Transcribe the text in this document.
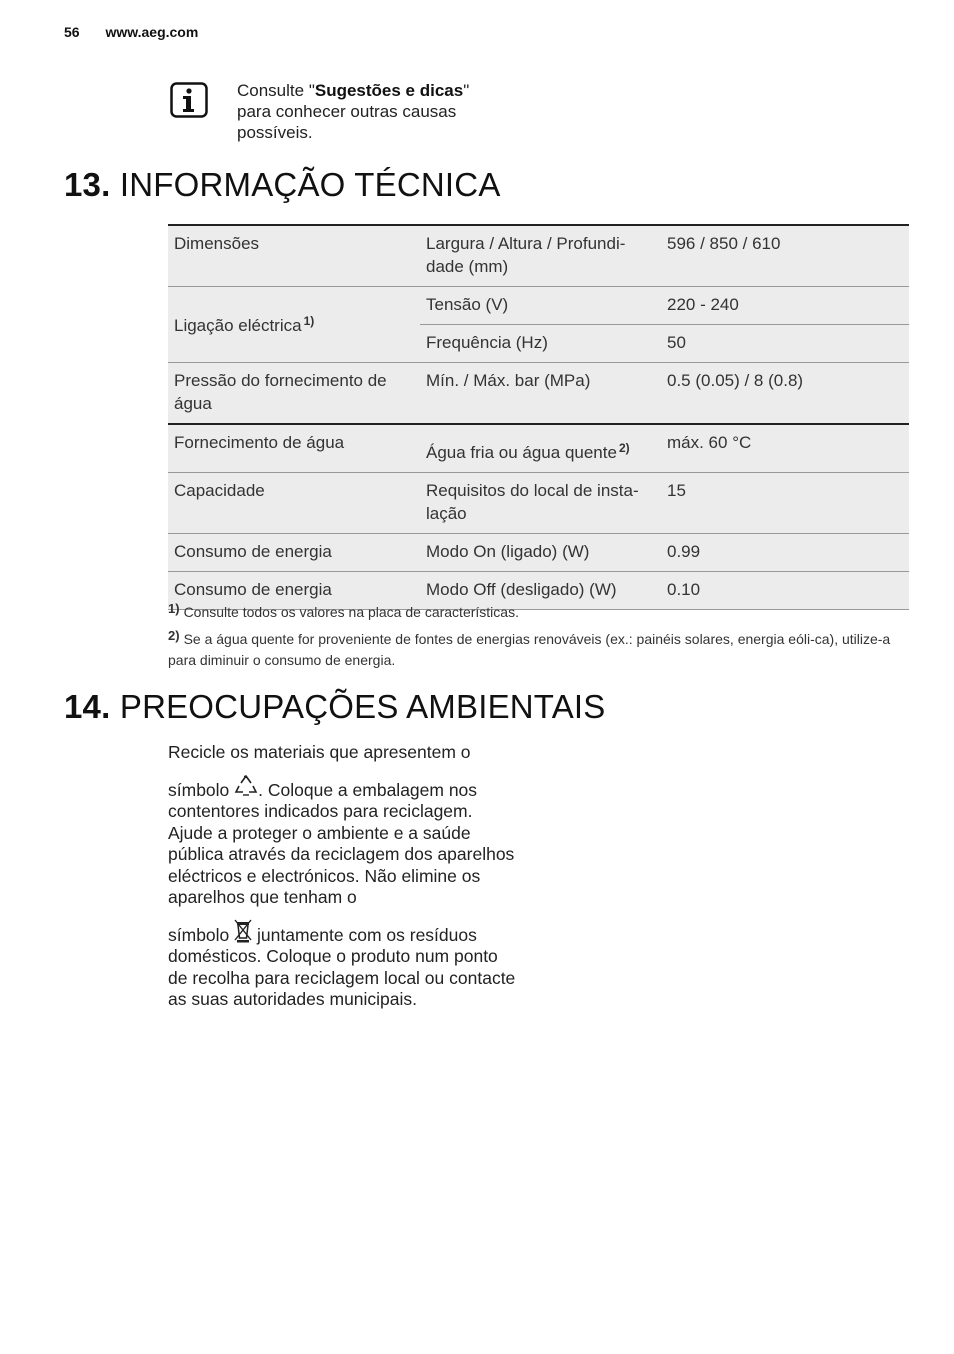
56 www.aeg.com
Consulte "Sugestões e dicas" para conhecer outras causas possíveis.
13. INFORMAÇÃO TÉCNICA
Dimensões	Largura / Altura / Profundi-dade (mm)	596 / 850 / 610
Ligação eléctrica $^{1)}$	Tensão (V)	220 - 240
	Frequência (Hz)	50
Pressão do fornecimento de água	Mín. / Máx. bar (MPa)	0.5 (0.05) / 8 (0.8)
Fornecimento de água	Água fria ou água quente $^{2)}$	máx. 60 °C
Capacidade	Requisitos do local de insta-lação	15
Consumo de energia	Modo On (ligado) (W)	0.99
Consumo de energia	Modo Off (desligado) (W)	0.10

1) Consulte todos os valores na placa de características.

2) Se a água quente for proveniente de fontes de energias renováveis (ex.: painéis solares, energia eóli-ca), utilize-a para diminuir o consumo de energia.

14. PREOCUPAÇÕES AMBIENTAIS

Recicle os materiais que apresentem o
símbolo . Coloque a embalagem nos contentores indicados para reciclagem. Ajude a proteger o ambiente e a saúde pública através da reciclagem dos aparelhos eléctricos e electrónicos. Não elimine os aparelhos que tenham o
símbolo juntamente com os resíduos domésticos. Coloque o produto num ponto de recolha para reciclagem local ou contacte as suas autoridades municipais.
